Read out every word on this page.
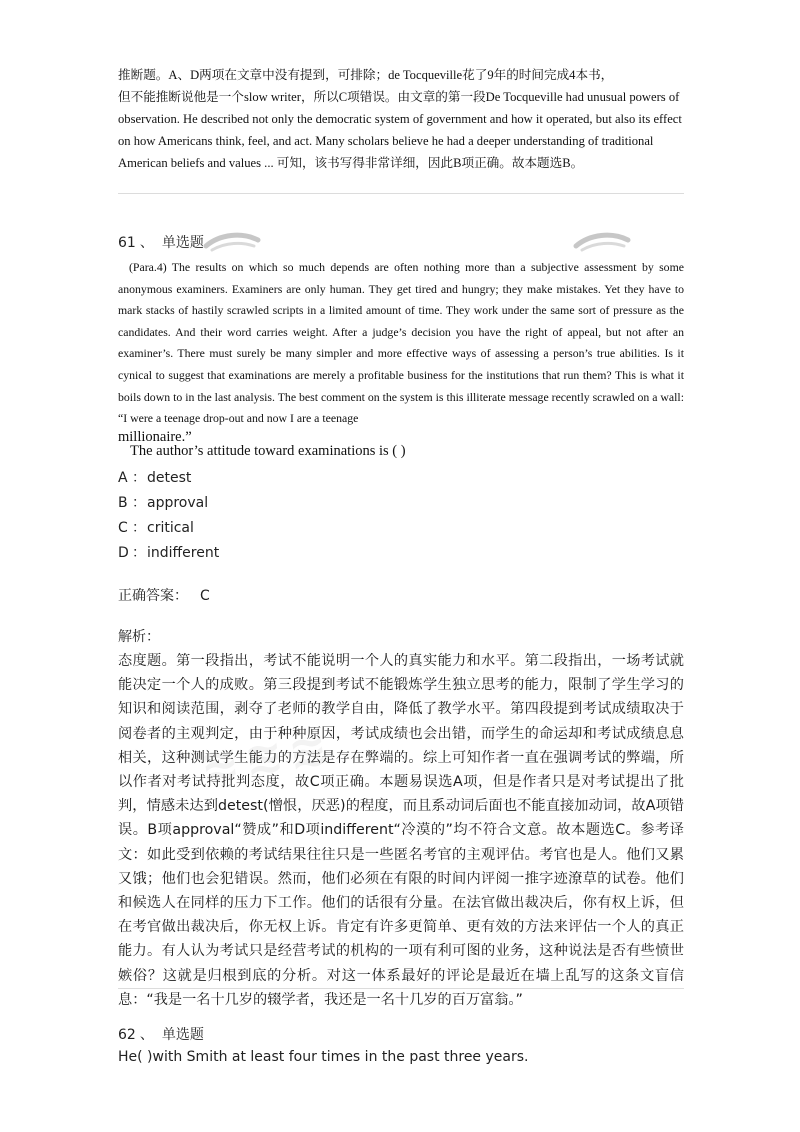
推断题。A、D两项在文章中没有提到，可排除；de Tocqueville花了9年的时间完成4本书，

但不能推断说他是一个slow writer，所以C项错误。由文章的第一段De Tocqueville had unusual powers of

observation. He described not only the democratic system of government and how it operated, but also its effect

on how Americans think, feel, and act. Many scholars believe he had a deeper understanding of traditional

American beliefs and values ... 可知，该书写得非常详细，因此B项正确。故本题选B。

61 、 单选题

(Para.4) The results on which so much depends are often nothing more than a subjective assessment by some anonymous examiners. Examiners are only human. They get tired and hungry; they make mistakes. Yet they have to mark stacks of hastily scrawled scripts in a limited amount of time. They work under the same sort of pressure as the candidates. And their word carries weight. After a judge’s decision you have the right of appeal, but not after an examiner’s. There must surely be many simpler and more effective ways of assessing a person’s true abilities. Is it cynical to suggest that examinations are merely a profitable business for the institutions that run them? This is what it boils down to in the last analysis. The best comment on the system is this illiterate message recently scrawled on a wall: “I were a teenage drop-out and now I are a teenage

millionaire.”

The author’s attitude toward examinations is ( )
A ：detest
B ：approval
C ：critical
D ：indifferent
正确答案： C
解析：

态度题。第一段指出，考试不能说明一个人的真实能力和水平。第二段指出，一场考试就能决定一个人的成败。第三段提到考试不能锻炼学生独立思考的能力，限制了学生学习的知识和阅读范围，剥夺了老师的教学自由，降低了教学水平。第四段提到考试成绩取决于阅卷者的主观判定，由于种种原因，考试成绩也会出错，而学生的命运却和考试成绩息息相关，这种测试学生能力的方法是存在弊端的。综上可知作者一直在强调考试的弊端，所以作者对考试持批判态度，故C项正确。本题易误选A项，但是作者只是对考试提出了批判，情感未达到detest(憎恨，厌恶)的程度，而且系动词后面也不能直接加动词，故A项错误。B项approval“赞成”和D项indifferent“冷漠的”均不符合文意。故本题选C。参考译文：如此受到依赖的考试结果往往只是一些匿名考官的主观评估。考官也是人。他们又累又饿；他们也会犯错误。然而，他们必须在有限的时间内评阅一推字迹潦草的试卷。他们和候选人在同样的压力下工作。他们的话很有分量。在法官做出裁决后，你有权上诉，但在考官做出裁决后，你无权上诉。肯定有许多更简单、更有效的方法来评估一个人的真正能力。有人认为考试只是经营考试的机构的一项有利可图的业务，这种说法是否有些愤世嫉俗？这就是归根到底的分析。对这一体系最好的评论是最近在墙上乱写的这条文盲信息：“我是一名十几岁的辍学者，我还是一名十几岁的百万富翁。”

≋≋≋
62 、 单选题
He( )with Smith at least four times in the past three years.
